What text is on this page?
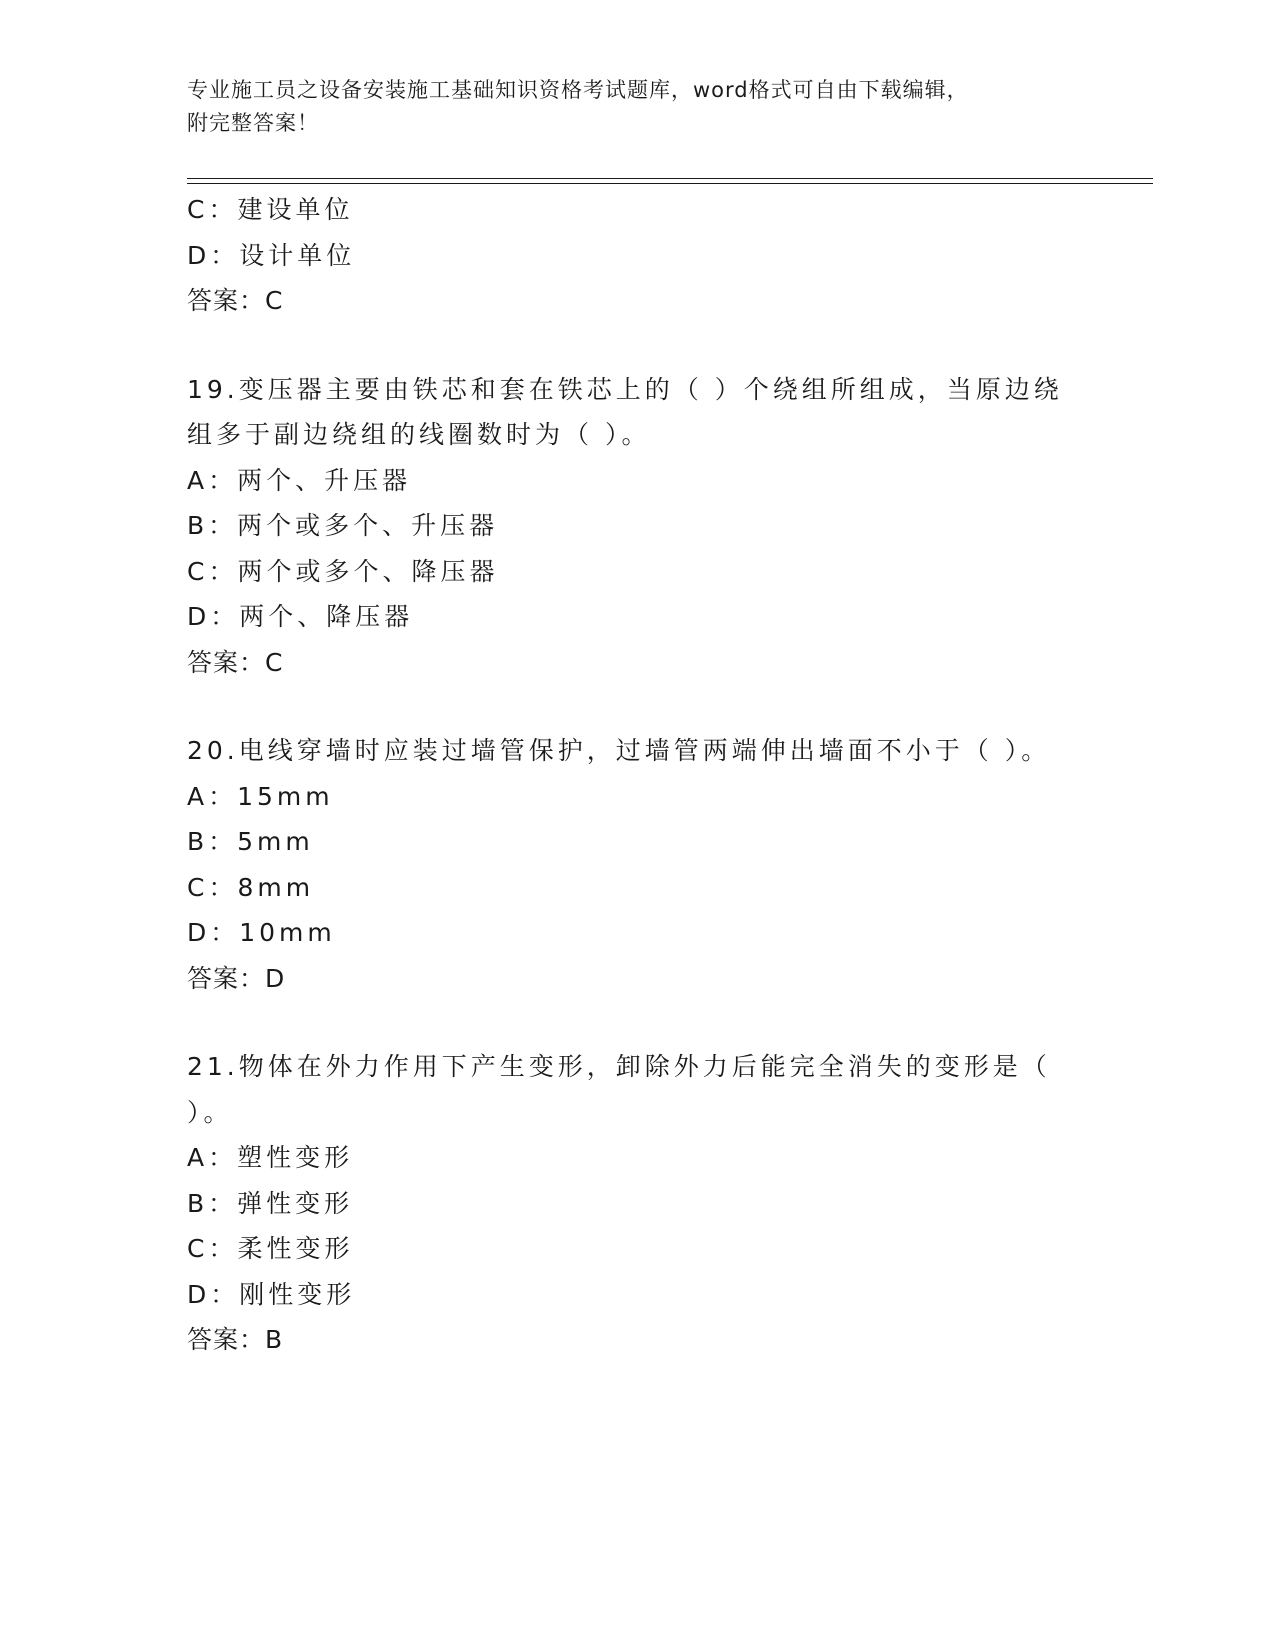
专业施工员之设备安装施工基础知识资格考试题库，word格式可自由下载编辑，
附完整答案！
C：建设单位
D：设计单位
答案：C
19.变压器主要由铁芯和套在铁芯上的（ ）个绕组所组成，当原边绕
组多于副边绕组的线圈数时为（ ）。
A：两个、升压器
B：两个或多个、升压器
C：两个或多个、降压器
D：两个、降压器
答案：C
20.电线穿墙时应装过墙管保护，过墙管两端伸出墙面不小于（ ）。
A：15mm
B：5mm
C：8mm
D：10mm
答案：D
21.物体在外力作用下产生变形，卸除外力后能完全消失的变形是（
）。
A：塑性变形
B：弹性变形
C：柔性变形
D：刚性变形
答案：B
